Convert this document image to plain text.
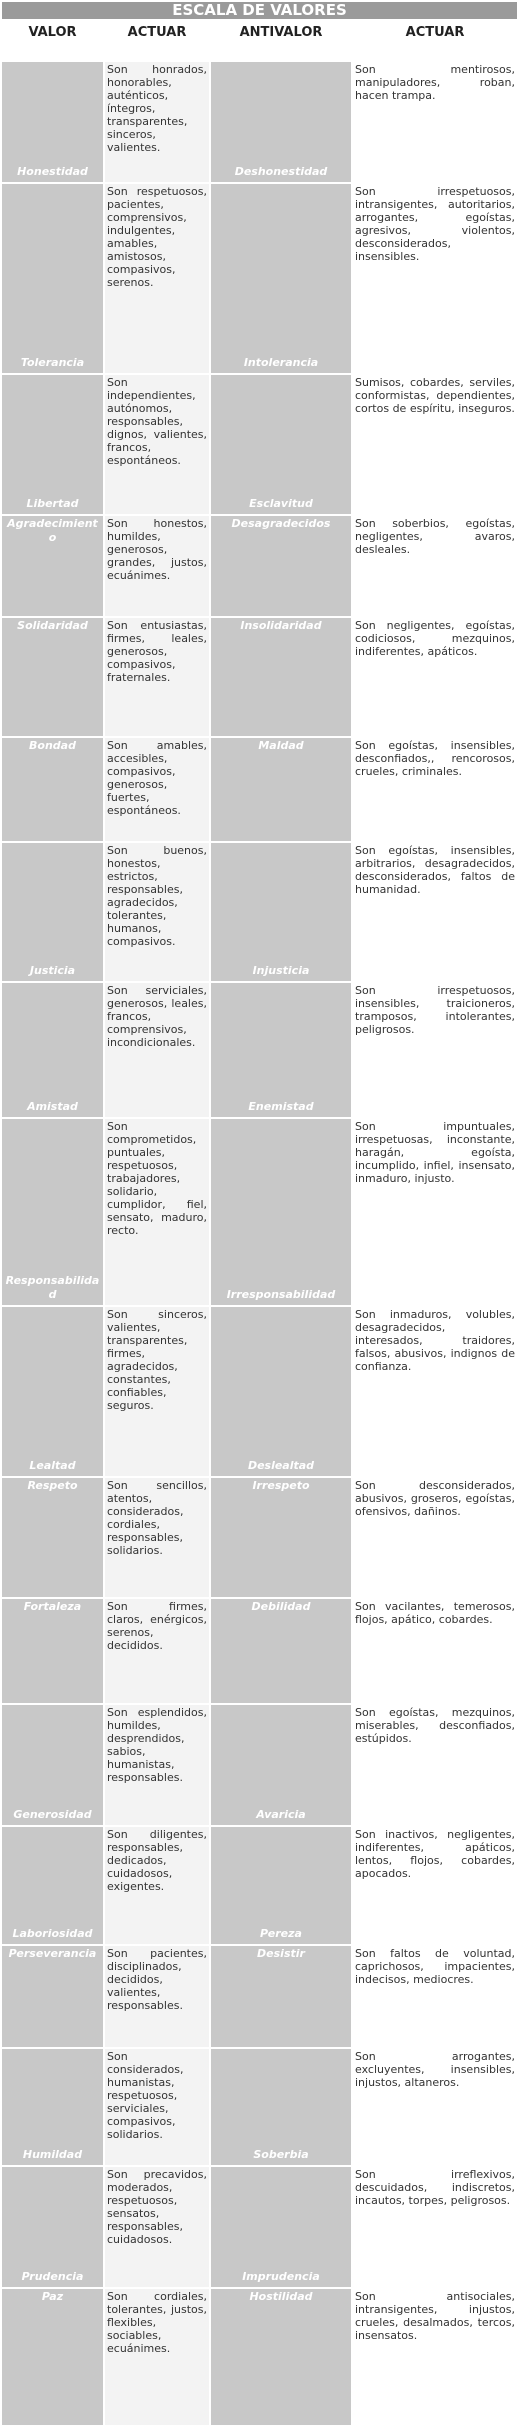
ESCALA DE VALORES			
VALOR	ACTUAR	ANTIVALOR	ACTUAR
Honestidad	Son honrados, honorables, auténticos, íntegros, transparentes, sinceros, valientes.	Deshonestidad	Son mentirosos, manipuladores, roban, hacen trampa.
Tolerancia	Son respetuosos, pacientes, comprensivos, indulgentes, amables, amistosos, compasivos, serenos.	Intolerancia	Son irrespetuosos, intransigentes, autoritarios, arrogantes, egoístas, agresivos, violentos, desconsiderados, insensibles.
Libertad	Son independientes, autónomos, responsables, dignos, valientes, francos, espontáneos.	Esclavitud	Sumisos, cobardes, serviles, conformistas, dependientes, cortos de espíritu, inseguros.
Agradecimiento	Son honestos, humildes, generosos, grandes, justos, ecuánimes.	Desagradecidos	Son soberbios, egoístas, negligentes, avaros, desleales.
Solidaridad	Son entusiastas, firmes, leales, generosos, compasivos, fraternales.	Insolidaridad	Son negligentes, egoístas, codiciosos, mezquinos, indiferentes, apáticos.
Bondad	Son amables, accesibles, compasivos, generosos, fuertes, espontáneos.	Maldad	Son egoístas, insensibles, desconfiados,, rencorosos, crueles, criminales.
Justicia	Son buenos, honestos, estrictos, responsables, agradecidos, tolerantes, humanos, compasivos.	Injusticia	Son egoístas, insensibles, arbitrarios, desagradecidos, desconsiderados, faltos de humanidad.
Amistad	Son serviciales, generosos, leales, francos, comprensivos, incondicionales.	Enemistad	Son irrespetuosos, insensibles, traicioneros, tramposos, intolerantes, peligrosos.
Responsabilidad	Son comprometidos, puntuales, respetuosos, trabajadores, solidario, cumplidor, fiel, sensato, maduro, recto.	Irresponsabilidad	Son impuntuales, irrespetuosas, inconstante, haragán, egoísta, incumplido, infiel, insensato, inmaduro, injusto.
Lealtad	Son sinceros, valientes, transparentes, firmes, agradecidos, constantes, confiables, seguros.	Deslealtad	Son inmaduros, volubles, desagradecidos, interesados, traidores, falsos, abusivos, indignos de confianza.
Respeto	Son sencillos, atentos, considerados, cordiales, responsables, solidarios.	Irrespeto	Son desconsiderados, abusivos, groseros, egoístas, ofensivos, dañinos.
Fortaleza	Son firmes, claros, enérgicos, serenos, decididos.	Debilidad	Son vacilantes, temerosos, flojos, apático, cobardes.
Generosidad	Son esplendidos, humildes, desprendidos, sabios, humanistas, responsables.	Avaricia	Son egoístas, mezquinos, miserables, desconfiados, estúpidos.
Laboriosidad	Son diligentes, responsables, dedicados, cuidadosos, exigentes.	Pereza	Son inactivos, negligentes, indiferentes, apáticos, lentos, flojos, cobardes, apocados.
Perseverancia	Son pacientes, disciplinados, decididos, valientes, responsables.	Desistir	Son faltos de voluntad, caprichosos, impacientes, indecisos, mediocres.
Humildad	Son considerados, humanistas, respetuosos, serviciales, compasivos, solidarios.	Soberbia	Son arrogantes, excluyentes, insensibles, injustos, altaneros.
Prudencia	Son precavidos, moderados, respetuosos, sensatos, responsables, cuidadosos.	Imprudencia	Son irreflexivos, descuidados, indiscretos, incautos, torpes, peligrosos.
Paz	Son cordiales, tolerantes, justos, flexibles, sociables, ecuánimes.	Hostilidad	Son antisociales, intransigentes, injustos, crueles, desalmados, tercos, insensatos.
